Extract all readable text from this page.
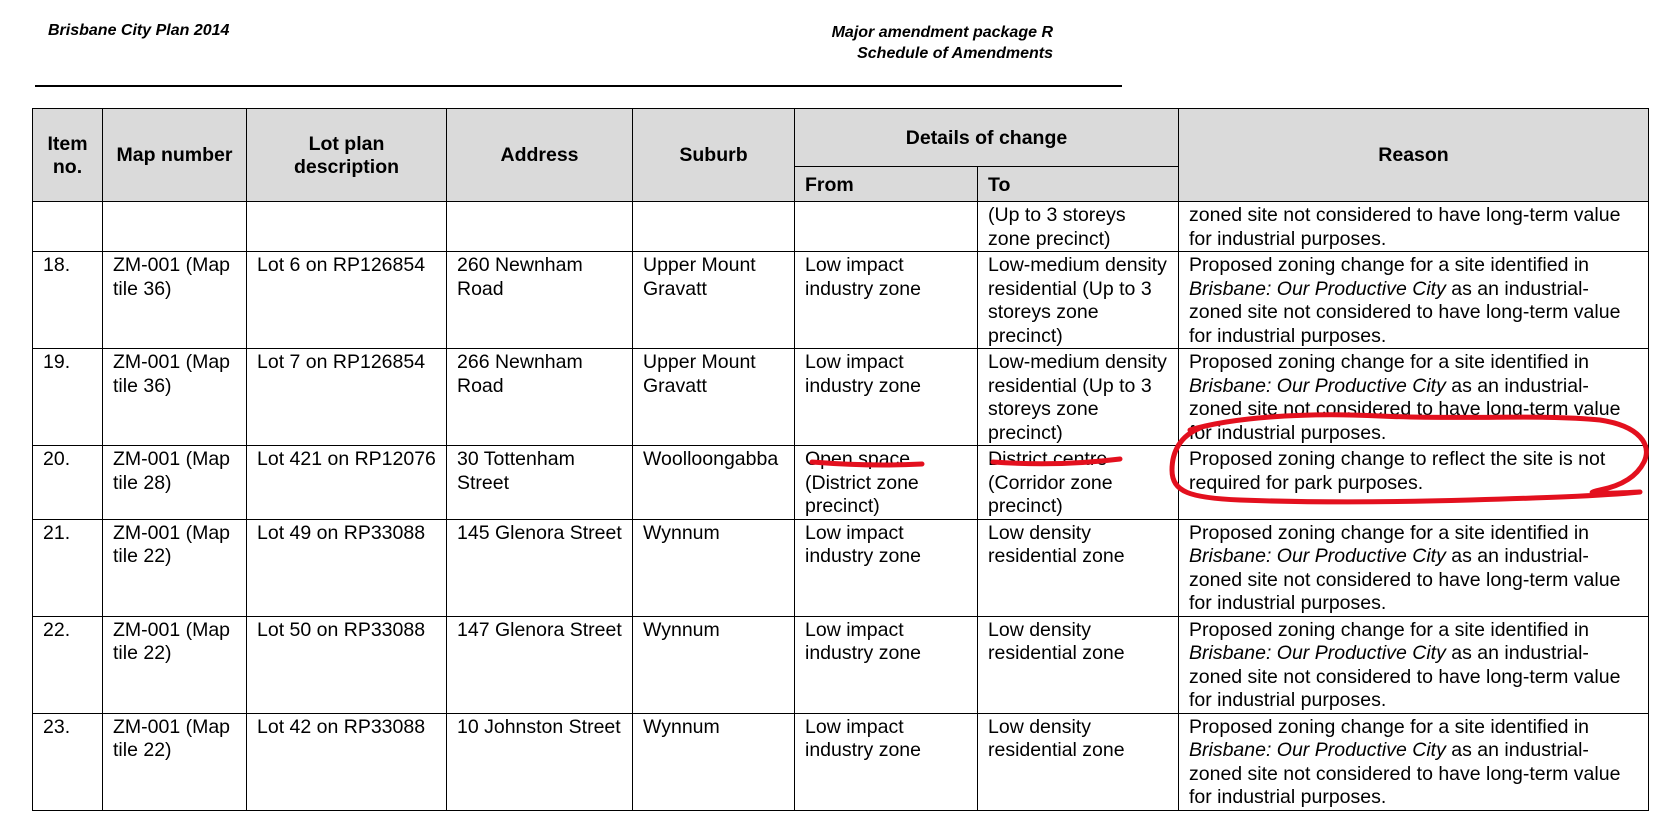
Brisbane City Plan 2014	Major amendment package R
Schedule of Amendments
Item no.	Map number	Lot plan description	Address	Suburb	Details of change		Reason
					From	To	
						(Up to 3 storeys zone precinct)	zoned site not considered to have long-term value for industrial purposes.
18.	ZM-001 (Map tile 36)	Lot 6 on RP126854	260 Newnham Road	Upper Mount Gravatt	Low impact industry zone	Low-medium density residential (Up to 3 storeys zone precinct)	Proposed zoning change for a site identified in Brisbane: Our Productive City as an industrial-zoned site not considered to have long-term value for industrial purposes.
19.	ZM-001 (Map tile 36)	Lot 7 on RP126854	266 Newnham Road	Upper Mount Gravatt	Low impact industry zone	Low-medium density residential (Up to 3 storeys zone precinct)	Proposed zoning change for a site identified in Brisbane: Our Productive City as an industrial-zoned site not considered to have long-term value for industrial purposes.
20.	ZM-001 (Map tile 28)	Lot 421 on RP12076	30 Tottenham Street	Woolloongabba	Open space (District zone precinct)	District centre (Corridor zone precinct)	Proposed zoning change to reflect the site is not required for park purposes.
21.	ZM-001 (Map tile 22)	Lot 49 on RP33088	145 Glenora Street	Wynnum	Low impact industry zone	Low density residential zone	Proposed zoning change for a site identified in Brisbane: Our Productive City as an industrial-zoned site not considered to have long-term value for industrial purposes.
22.	ZM-001 (Map tile 22)	Lot 50 on RP33088	147 Glenora Street	Wynnum	Low impact industry zone	Low density residential zone	Proposed zoning change for a site identified in Brisbane: Our Productive City as an industrial-zoned site not considered to have long-term value for industrial purposes.
23.	ZM-001 (Map tile 22)	Lot 42 on RP33088	10 Johnston Street	Wynnum	Low impact industry zone	Low density residential zone	Proposed zoning change for a site identified in Brisbane: Our Productive City as an industrial-zoned site not considered to have long-term value for industrial purposes.
